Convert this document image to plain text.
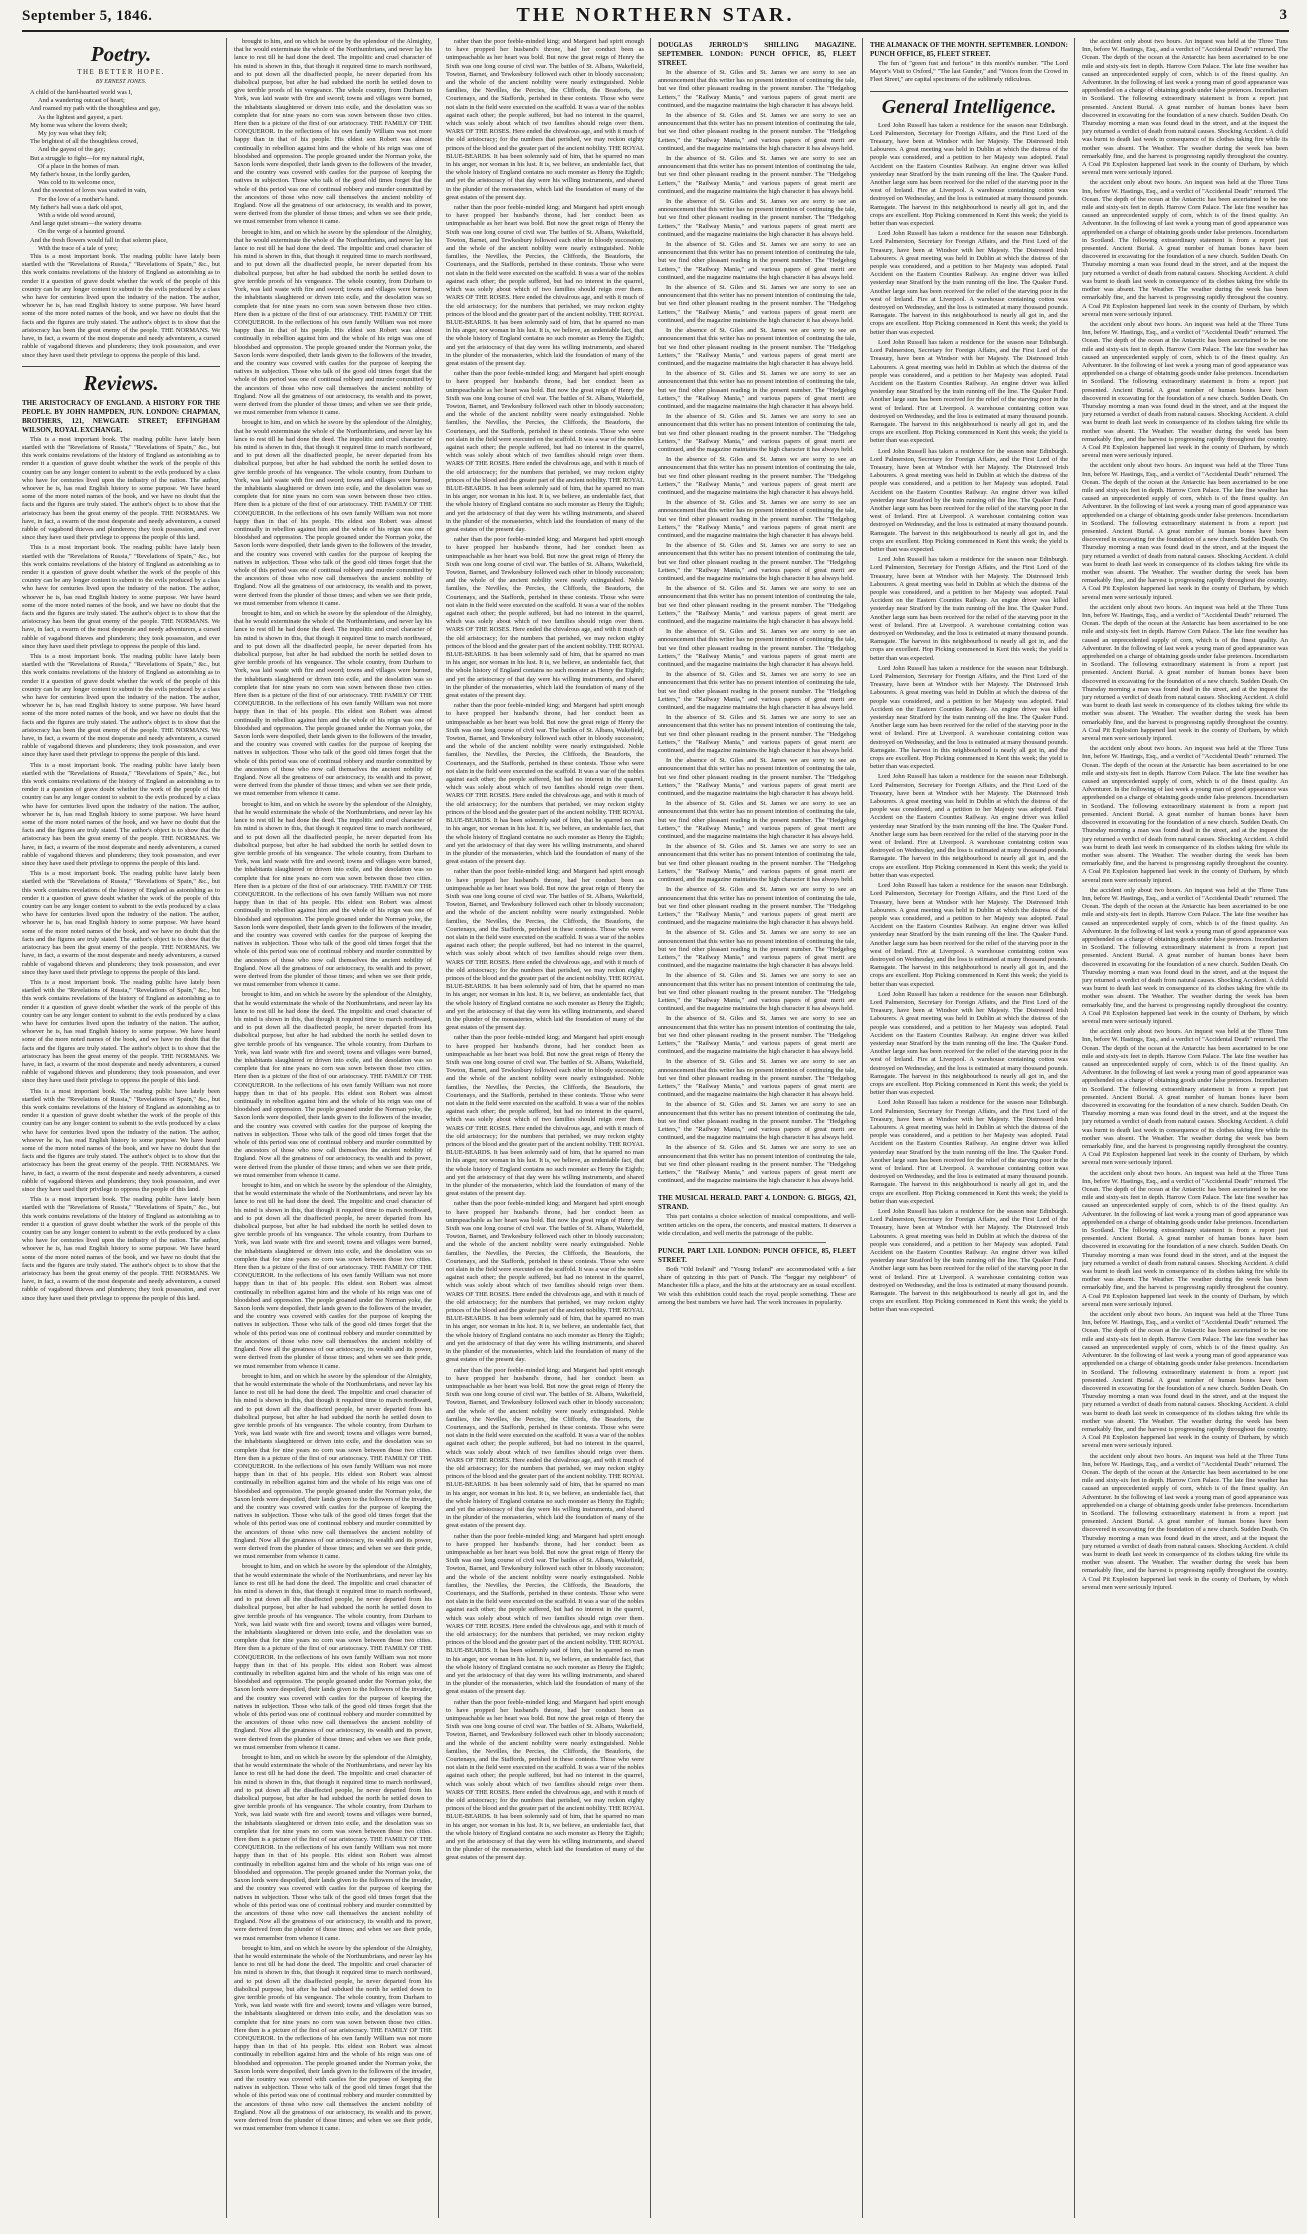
September 5, 1846.	THE NORTHERN STAR.	3
Poetry.
THE BETTER HOPE.
BY ERNEST JONES.
A child of the hard-hearted world was I,
And a wandering outcast of heart;
And roamed my path with the thoughtless and gay,
As the lightest and gayest, a part.
My home was where the lovers dwelt;
My joy was what they felt;
The brightest of all the thoughtless crowd,
And the gayest of the gay;
But a struggle to fight—for my natural right,
Of a place in the homes of man.
My father's house, in the lordly garden,
Was cold to its welcome once,
And the sweetest of loves was waited in vain,
For the love of a mother's hand.
My father's hall was a dark old spot,
With a wide old wood around,
And large quiet stream—the watery dreams
On the verge of a haunted ground.
And the fresh flowers would fall in that solemn place,
With the trace of a tale of yore;

This is a most important book. The reading public have lately been startled with the "Revelations of Russia," "Revelations of Spain," &c., but this work contains revelations of the history of England as astonishing as to render it a question of grave doubt whether the work of the people of this country can be any longer content to submit to the evils produced by a class who have for centuries lived upon the industry of the nation. The author, whoever he is, has read English history to some purpose. We have heard some of the more noted names of the book, and we have no doubt that the facts and the figures are truly stated. The author's object is to show that the aristocracy has been the great enemy of the people. THE NORMANS. We have, in fact, a swarm of the most desperate and needy adventurers, a cursed rabble of vagabond thieves and plunderers; they took possession, and ever since they have used their privilege to oppress the people of this land.

Reviews.
THE ARISTOCRACY OF ENGLAND. A HISTORY FOR THE PEOPLE. BY JOHN HAMPDEN, JUN. LONDON: CHAPMAN, BROTHERS, 121, NEWGATE STREET; EFFINGHAM WILSON, ROYAL EXCHANGE.

This is a most important book. The reading public have lately been startled with the "Revelations of Russia," "Revelations of Spain," &c., but this work contains revelations of the history of England as astonishing as to render it a question of grave doubt whether the work of the people of this country can be any longer content to submit to the evils produced by a class who have for centuries lived upon the industry of the nation. The author, whoever he is, has read English history to some purpose. We have heard some of the more noted names of the book, and we have no doubt that the facts and the figures are truly stated. The author's object is to show that the aristocracy has been the great enemy of the people. THE NORMANS. We have, in fact, a swarm of the most desperate and needy adventurers, a cursed rabble of vagabond thieves and plunderers; they took possession, and ever since they have used their privilege to oppress the people of this land.

This is a most important book. The reading public have lately been startled with the "Revelations of Russia," "Revelations of Spain," &c., but this work contains revelations of the history of England as astonishing as to render it a question of grave doubt whether the work of the people of this country can be any longer content to submit to the evils produced by a class who have for centuries lived upon the industry of the nation. The author, whoever he is, has read English history to some purpose. We have heard some of the more noted names of the book, and we have no doubt that the facts and the figures are truly stated. The author's object is to show that the aristocracy has been the great enemy of the people. THE NORMANS. We have, in fact, a swarm of the most desperate and needy adventurers, a cursed rabble of vagabond thieves and plunderers; they took possession, and ever since they have used their privilege to oppress the people of this land.

This is a most important book. The reading public have lately been startled with the "Revelations of Russia," "Revelations of Spain," &c., but this work contains revelations of the history of England as astonishing as to render it a question of grave doubt whether the work of the people of this country can be any longer content to submit to the evils produced by a class who have for centuries lived upon the industry of the nation. The author, whoever he is, has read English history to some purpose. We have heard some of the more noted names of the book, and we have no doubt that the facts and the figures are truly stated. The author's object is to show that the aristocracy has been the great enemy of the people. THE NORMANS. We have, in fact, a swarm of the most desperate and needy adventurers, a cursed rabble of vagabond thieves and plunderers; they took possession, and ever since they have used their privilege to oppress the people of this land.

This is a most important book. The reading public have lately been startled with the "Revelations of Russia," "Revelations of Spain," &c., but this work contains revelations of the history of England as astonishing as to render it a question of grave doubt whether the work of the people of this country can be any longer content to submit to the evils produced by a class who have for centuries lived upon the industry of the nation. The author, whoever he is, has read English history to some purpose. We have heard some of the more noted names of the book, and we have no doubt that the facts and the figures are truly stated. The author's object is to show that the aristocracy has been the great enemy of the people. THE NORMANS. We have, in fact, a swarm of the most desperate and needy adventurers, a cursed rabble of vagabond thieves and plunderers; they took possession, and ever since they have used their privilege to oppress the people of this land.

This is a most important book. The reading public have lately been startled with the "Revelations of Russia," "Revelations of Spain," &c., but this work contains revelations of the history of England as astonishing as to render it a question of grave doubt whether the work of the people of this country can be any longer content to submit to the evils produced by a class who have for centuries lived upon the industry of the nation. The author, whoever he is, has read English history to some purpose. We have heard some of the more noted names of the book, and we have no doubt that the facts and the figures are truly stated. The author's object is to show that the aristocracy has been the great enemy of the people. THE NORMANS. We have, in fact, a swarm of the most desperate and needy adventurers, a cursed rabble of vagabond thieves and plunderers; they took possession, and ever since they have used their privilege to oppress the people of this land.

This is a most important book. The reading public have lately been startled with the "Revelations of Russia," "Revelations of Spain," &c., but this work contains revelations of the history of England as astonishing as to render it a question of grave doubt whether the work of the people of this country can be any longer content to submit to the evils produced by a class who have for centuries lived upon the industry of the nation. The author, whoever he is, has read English history to some purpose. We have heard some of the more noted names of the book, and we have no doubt that the facts and the figures are truly stated. The author's object is to show that the aristocracy has been the great enemy of the people. THE NORMANS. We have, in fact, a swarm of the most desperate and needy adventurers, a cursed rabble of vagabond thieves and plunderers; they took possession, and ever since they have used their privilege to oppress the people of this land.

This is a most important book. The reading public have lately been startled with the "Revelations of Russia," "Revelations of Spain," &c., but this work contains revelations of the history of England as astonishing as to render it a question of grave doubt whether the work of the people of this country can be any longer content to submit to the evils produced by a class who have for centuries lived upon the industry of the nation. The author, whoever he is, has read English history to some purpose. We have heard some of the more noted names of the book, and we have no doubt that the facts and the figures are truly stated. The author's object is to show that the aristocracy has been the great enemy of the people. THE NORMANS. We have, in fact, a swarm of the most desperate and needy adventurers, a cursed rabble of vagabond thieves and plunderers; they took possession, and ever since they have used their privilege to oppress the people of this land.

This is a most important book. The reading public have lately been startled with the "Revelations of Russia," "Revelations of Spain," &c., but this work contains revelations of the history of England as astonishing as to render it a question of grave doubt whether the work of the people of this country can be any longer content to submit to the evils produced by a class who have for centuries lived upon the industry of the nation. The author, whoever he is, has read English history to some purpose. We have heard some of the more noted names of the book, and we have no doubt that the facts and the figures are truly stated. The author's object is to show that the aristocracy has been the great enemy of the people. THE NORMANS. We have, in fact, a swarm of the most desperate and needy adventurers, a cursed rabble of vagabond thieves and plunderers; they took possession, and ever since they have used their privilege to oppress the people of this land.

brought to him, and on which he swore by the splendour of the Almighty, that he would exterminate the whole of the Northumbrians, and never lay his lance to rest till he had done the deed. The impolitic and cruel character of his mind is shown in this, that though it required time to march northward, and to put down all the disaffected people, he never departed from his diabolical purpose, but after he had subdued the north he settled down to give terrible proofs of his vengeance. The whole country, from Durham to York, was laid waste with fire and sword; towns and villages were burned, the inhabitants slaughtered or driven into exile, and the desolation was so complete that for nine years no corn was sown between those two cities. Here then is a picture of the first of our aristocracy. THE FAMILY OF THE CONQUEROR. In the reflections of his own family William was not more happy than in that of his people. His eldest son Robert was almost continually in rebellion against him and the whole of his reign was one of bloodshed and oppression. The people groaned under the Norman yoke, the Saxon lords were despoiled, their lands given to the followers of the invader, and the country was covered with castles for the purpose of keeping the natives in subjection. Those who talk of the good old times forget that the whole of this period was one of continual robbery and murder committed by the ancestors of those who now call themselves the ancient nobility of England. Now all the greatness of our aristocracy, its wealth and its power, were derived from the plunder of those times; and when we see their pride, we must remember from whence it came.

brought to him, and on which he swore by the splendour of the Almighty, that he would exterminate the whole of the Northumbrians, and never lay his lance to rest till he had done the deed. The impolitic and cruel character of his mind is shown in this, that though it required time to march northward, and to put down all the disaffected people, he never departed from his diabolical purpose, but after he had subdued the north he settled down to give terrible proofs of his vengeance. The whole country, from Durham to York, was laid waste with fire and sword; towns and villages were burned, the inhabitants slaughtered or driven into exile, and the desolation was so complete that for nine years no corn was sown between those two cities. Here then is a picture of the first of our aristocracy. THE FAMILY OF THE CONQUEROR. In the reflections of his own family William was not more happy than in that of his people. His eldest son Robert was almost continually in rebellion against him and the whole of his reign was one of bloodshed and oppression. The people groaned under the Norman yoke, the Saxon lords were despoiled, their lands given to the followers of the invader, and the country was covered with castles for the purpose of keeping the natives in subjection. Those who talk of the good old times forget that the whole of this period was one of continual robbery and murder committed by the ancestors of those who now call themselves the ancient nobility of England. Now all the greatness of our aristocracy, its wealth and its power, were derived from the plunder of those times; and when we see their pride, we must remember from whence it came.

brought to him, and on which he swore by the splendour of the Almighty, that he would exterminate the whole of the Northumbrians, and never lay his lance to rest till he had done the deed. The impolitic and cruel character of his mind is shown in this, that though it required time to march northward, and to put down all the disaffected people, he never departed from his diabolical purpose, but after he had subdued the north he settled down to give terrible proofs of his vengeance. The whole country, from Durham to York, was laid waste with fire and sword; towns and villages were burned, the inhabitants slaughtered or driven into exile, and the desolation was so complete that for nine years no corn was sown between those two cities. Here then is a picture of the first of our aristocracy. THE FAMILY OF THE CONQUEROR. In the reflections of his own family William was not more happy than in that of his people. His eldest son Robert was almost continually in rebellion against him and the whole of his reign was one of bloodshed and oppression. The people groaned under the Norman yoke, the Saxon lords were despoiled, their lands given to the followers of the invader, and the country was covered with castles for the purpose of keeping the natives in subjection. Those who talk of the good old times forget that the whole of this period was one of continual robbery and murder committed by the ancestors of those who now call themselves the ancient nobility of England. Now all the greatness of our aristocracy, its wealth and its power, were derived from the plunder of those times; and when we see their pride, we must remember from whence it came.

brought to him, and on which he swore by the splendour of the Almighty, that he would exterminate the whole of the Northumbrians, and never lay his lance to rest till he had done the deed. The impolitic and cruel character of his mind is shown in this, that though it required time to march northward, and to put down all the disaffected people, he never departed from his diabolical purpose, but after he had subdued the north he settled down to give terrible proofs of his vengeance. The whole country, from Durham to York, was laid waste with fire and sword; towns and villages were burned, the inhabitants slaughtered or driven into exile, and the desolation was so complete that for nine years no corn was sown between those two cities. Here then is a picture of the first of our aristocracy. THE FAMILY OF THE CONQUEROR. In the reflections of his own family William was not more happy than in that of his people. His eldest son Robert was almost continually in rebellion against him and the whole of his reign was one of bloodshed and oppression. The people groaned under the Norman yoke, the Saxon lords were despoiled, their lands given to the followers of the invader, and the country was covered with castles for the purpose of keeping the natives in subjection. Those who talk of the good old times forget that the whole of this period was one of continual robbery and murder committed by the ancestors of those who now call themselves the ancient nobility of England. Now all the greatness of our aristocracy, its wealth and its power, were derived from the plunder of those times; and when we see their pride, we must remember from whence it came.

brought to him, and on which he swore by the splendour of the Almighty, that he would exterminate the whole of the Northumbrians, and never lay his lance to rest till he had done the deed. The impolitic and cruel character of his mind is shown in this, that though it required time to march northward, and to put down all the disaffected people, he never departed from his diabolical purpose, but after he had subdued the north he settled down to give terrible proofs of his vengeance. The whole country, from Durham to York, was laid waste with fire and sword; towns and villages were burned, the inhabitants slaughtered or driven into exile, and the desolation was so complete that for nine years no corn was sown between those two cities. Here then is a picture of the first of our aristocracy. THE FAMILY OF THE CONQUEROR. In the reflections of his own family William was not more happy than in that of his people. His eldest son Robert was almost continually in rebellion against him and the whole of his reign was one of bloodshed and oppression. The people groaned under the Norman yoke, the Saxon lords were despoiled, their lands given to the followers of the invader, and the country was covered with castles for the purpose of keeping the natives in subjection. Those who talk of the good old times forget that the whole of this period was one of continual robbery and murder committed by the ancestors of those who now call themselves the ancient nobility of England. Now all the greatness of our aristocracy, its wealth and its power, were derived from the plunder of those times; and when we see their pride, we must remember from whence it came.

brought to him, and on which he swore by the splendour of the Almighty, that he would exterminate the whole of the Northumbrians, and never lay his lance to rest till he had done the deed. The impolitic and cruel character of his mind is shown in this, that though it required time to march northward, and to put down all the disaffected people, he never departed from his diabolical purpose, but after he had subdued the north he settled down to give terrible proofs of his vengeance. The whole country, from Durham to York, was laid waste with fire and sword; towns and villages were burned, the inhabitants slaughtered or driven into exile, and the desolation was so complete that for nine years no corn was sown between those two cities. Here then is a picture of the first of our aristocracy. THE FAMILY OF THE CONQUEROR. In the reflections of his own family William was not more happy than in that of his people. His eldest son Robert was almost continually in rebellion against him and the whole of his reign was one of bloodshed and oppression. The people groaned under the Norman yoke, the Saxon lords were despoiled, their lands given to the followers of the invader, and the country was covered with castles for the purpose of keeping the natives in subjection. Those who talk of the good old times forget that the whole of this period was one of continual robbery and murder committed by the ancestors of those who now call themselves the ancient nobility of England. Now all the greatness of our aristocracy, its wealth and its power, were derived from the plunder of those times; and when we see their pride, we must remember from whence it came.

brought to him, and on which he swore by the splendour of the Almighty, that he would exterminate the whole of the Northumbrians, and never lay his lance to rest till he had done the deed. The impolitic and cruel character of his mind is shown in this, that though it required time to march northward, and to put down all the disaffected people, he never departed from his diabolical purpose, but after he had subdued the north he settled down to give terrible proofs of his vengeance. The whole country, from Durham to York, was laid waste with fire and sword; towns and villages were burned, the inhabitants slaughtered or driven into exile, and the desolation was so complete that for nine years no corn was sown between those two cities. Here then is a picture of the first of our aristocracy. THE FAMILY OF THE CONQUEROR. In the reflections of his own family William was not more happy than in that of his people. His eldest son Robert was almost continually in rebellion against him and the whole of his reign was one of bloodshed and oppression. The people groaned under the Norman yoke, the Saxon lords were despoiled, their lands given to the followers of the invader, and the country was covered with castles for the purpose of keeping the natives in subjection. Those who talk of the good old times forget that the whole of this period was one of continual robbery and murder committed by the ancestors of those who now call themselves the ancient nobility of England. Now all the greatness of our aristocracy, its wealth and its power, were derived from the plunder of those times; and when we see their pride, we must remember from whence it came.

brought to him, and on which he swore by the splendour of the Almighty, that he would exterminate the whole of the Northumbrians, and never lay his lance to rest till he had done the deed. The impolitic and cruel character of his mind is shown in this, that though it required time to march northward, and to put down all the disaffected people, he never departed from his diabolical purpose, but after he had subdued the north he settled down to give terrible proofs of his vengeance. The whole country, from Durham to York, was laid waste with fire and sword; towns and villages were burned, the inhabitants slaughtered or driven into exile, and the desolation was so complete that for nine years no corn was sown between those two cities. Here then is a picture of the first of our aristocracy. THE FAMILY OF THE CONQUEROR. In the reflections of his own family William was not more happy than in that of his people. His eldest son Robert was almost continually in rebellion against him and the whole of his reign was one of bloodshed and oppression. The people groaned under the Norman yoke, the Saxon lords were despoiled, their lands given to the followers of the invader, and the country was covered with castles for the purpose of keeping the natives in subjection. Those who talk of the good old times forget that the whole of this period was one of continual robbery and murder committed by the ancestors of those who now call themselves the ancient nobility of England. Now all the greatness of our aristocracy, its wealth and its power, were derived from the plunder of those times; and when we see their pride, we must remember from whence it came.

brought to him, and on which he swore by the splendour of the Almighty, that he would exterminate the whole of the Northumbrians, and never lay his lance to rest till he had done the deed. The impolitic and cruel character of his mind is shown in this, that though it required time to march northward, and to put down all the disaffected people, he never departed from his diabolical purpose, but after he had subdued the north he settled down to give terrible proofs of his vengeance. The whole country, from Durham to York, was laid waste with fire and sword; towns and villages were burned, the inhabitants slaughtered or driven into exile, and the desolation was so complete that for nine years no corn was sown between those two cities. Here then is a picture of the first of our aristocracy. THE FAMILY OF THE CONQUEROR. In the reflections of his own family William was not more happy than in that of his people. His eldest son Robert was almost continually in rebellion against him and the whole of his reign was one of bloodshed and oppression. The people groaned under the Norman yoke, the Saxon lords were despoiled, their lands given to the followers of the invader, and the country was covered with castles for the purpose of keeping the natives in subjection. Those who talk of the good old times forget that the whole of this period was one of continual robbery and murder committed by the ancestors of those who now call themselves the ancient nobility of England. Now all the greatness of our aristocracy, its wealth and its power, were derived from the plunder of those times; and when we see their pride, we must remember from whence it came.

brought to him, and on which he swore by the splendour of the Almighty, that he would exterminate the whole of the Northumbrians, and never lay his lance to rest till he had done the deed. The impolitic and cruel character of his mind is shown in this, that though it required time to march northward, and to put down all the disaffected people, he never departed from his diabolical purpose, but after he had subdued the north he settled down to give terrible proofs of his vengeance. The whole country, from Durham to York, was laid waste with fire and sword; towns and villages were burned, the inhabitants slaughtered or driven into exile, and the desolation was so complete that for nine years no corn was sown between those two cities. Here then is a picture of the first of our aristocracy. THE FAMILY OF THE CONQUEROR. In the reflections of his own family William was not more happy than in that of his people. His eldest son Robert was almost continually in rebellion against him and the whole of his reign was one of bloodshed and oppression. The people groaned under the Norman yoke, the Saxon lords were despoiled, their lands given to the followers of the invader, and the country was covered with castles for the purpose of keeping the natives in subjection. Those who talk of the good old times forget that the whole of this period was one of continual robbery and murder committed by the ancestors of those who now call themselves the ancient nobility of England. Now all the greatness of our aristocracy, its wealth and its power, were derived from the plunder of those times; and when we see their pride, we must remember from whence it came.

brought to him, and on which he swore by the splendour of the Almighty, that he would exterminate the whole of the Northumbrians, and never lay his lance to rest till he had done the deed. The impolitic and cruel character of his mind is shown in this, that though it required time to march northward, and to put down all the disaffected people, he never departed from his diabolical purpose, but after he had subdued the north he settled down to give terrible proofs of his vengeance. The whole country, from Durham to York, was laid waste with fire and sword; towns and villages were burned, the inhabitants slaughtered or driven into exile, and the desolation was so complete that for nine years no corn was sown between those two cities. Here then is a picture of the first of our aristocracy. THE FAMILY OF THE CONQUEROR. In the reflections of his own family William was not more happy than in that of his people. His eldest son Robert was almost continually in rebellion against him and the whole of his reign was one of bloodshed and oppression. The people groaned under the Norman yoke, the Saxon lords were despoiled, their lands given to the followers of the invader, and the country was covered with castles for the purpose of keeping the natives in subjection. Those who talk of the good old times forget that the whole of this period was one of continual robbery and murder committed by the ancestors of those who now call themselves the ancient nobility of England. Now all the greatness of our aristocracy, its wealth and its power, were derived from the plunder of those times; and when we see their pride, we must remember from whence it came.

rather than the poor feeble-minded king; and Margaret had spirit enough to have propped her husband's throne, had her conduct been as unimpeachable as her heart was bold. But now the great reign of Henry the Sixth was one long course of civil war. The battles of St. Albans, Wakefield, Towton, Barnet, and Tewkesbury followed each other in bloody succession; and the whole of the ancient nobility were nearly extinguished. Noble families, the Nevilles, the Percies, the Cliffords, the Beauforts, the Courtenays, and the Staffords, perished in these contests. Those who were not slain in the field were executed on the scaffold. It was a war of the nobles against each other; the people suffered, but had no interest in the quarrel, which was solely about which of two families should reign over them. WARS OF THE ROSES. Here ended the chivalrous age, and with it much of the old aristocracy; for the numbers that perished, we may reckon eighty princes of the blood and the greater part of the ancient nobility. THE ROYAL BLUE-BEARDS. It has been solemnly said of him, that he sparred no man in his anger, nor woman in his lust. It is, we believe, an undeniable fact, that the whole history of England contains no such monster as Henry the Eighth; and yet the aristocracy of that day were his willing instruments, and shared in the plunder of the monasteries, which laid the foundation of many of the great estates of the present day.

rather than the poor feeble-minded king; and Margaret had spirit enough to have propped her husband's throne, had her conduct been as unimpeachable as her heart was bold. But now the great reign of Henry the Sixth was one long course of civil war. The battles of St. Albans, Wakefield, Towton, Barnet, and Tewkesbury followed each other in bloody succession; and the whole of the ancient nobility were nearly extinguished. Noble families, the Nevilles, the Percies, the Cliffords, the Beauforts, the Courtenays, and the Staffords, perished in these contests. Those who were not slain in the field were executed on the scaffold. It was a war of the nobles against each other; the people suffered, but had no interest in the quarrel, which was solely about which of two families should reign over them. WARS OF THE ROSES. Here ended the chivalrous age, and with it much of the old aristocracy; for the numbers that perished, we may reckon eighty princes of the blood and the greater part of the ancient nobility. THE ROYAL BLUE-BEARDS. It has been solemnly said of him, that he sparred no man in his anger, nor woman in his lust. It is, we believe, an undeniable fact, that the whole history of England contains no such monster as Henry the Eighth; and yet the aristocracy of that day were his willing instruments, and shared in the plunder of the monasteries, which laid the foundation of many of the great estates of the present day.

rather than the poor feeble-minded king; and Margaret had spirit enough to have propped her husband's throne, had her conduct been as unimpeachable as her heart was bold. But now the great reign of Henry the Sixth was one long course of civil war. The battles of St. Albans, Wakefield, Towton, Barnet, and Tewkesbury followed each other in bloody succession; and the whole of the ancient nobility were nearly extinguished. Noble families, the Nevilles, the Percies, the Cliffords, the Beauforts, the Courtenays, and the Staffords, perished in these contests. Those who were not slain in the field were executed on the scaffold. It was a war of the nobles against each other; the people suffered, but had no interest in the quarrel, which was solely about which of two families should reign over them. WARS OF THE ROSES. Here ended the chivalrous age, and with it much of the old aristocracy; for the numbers that perished, we may reckon eighty princes of the blood and the greater part of the ancient nobility. THE ROYAL BLUE-BEARDS. It has been solemnly said of him, that he sparred no man in his anger, nor woman in his lust. It is, we believe, an undeniable fact, that the whole history of England contains no such monster as Henry the Eighth; and yet the aristocracy of that day were his willing instruments, and shared in the plunder of the monasteries, which laid the foundation of many of the great estates of the present day.

rather than the poor feeble-minded king; and Margaret had spirit enough to have propped her husband's throne, had her conduct been as unimpeachable as her heart was bold. But now the great reign of Henry the Sixth was one long course of civil war. The battles of St. Albans, Wakefield, Towton, Barnet, and Tewkesbury followed each other in bloody succession; and the whole of the ancient nobility were nearly extinguished. Noble families, the Nevilles, the Percies, the Cliffords, the Beauforts, the Courtenays, and the Staffords, perished in these contests. Those who were not slain in the field were executed on the scaffold. It was a war of the nobles against each other; the people suffered, but had no interest in the quarrel, which was solely about which of two families should reign over them. WARS OF THE ROSES. Here ended the chivalrous age, and with it much of the old aristocracy; for the numbers that perished, we may reckon eighty princes of the blood and the greater part of the ancient nobility. THE ROYAL BLUE-BEARDS. It has been solemnly said of him, that he sparred no man in his anger, nor woman in his lust. It is, we believe, an undeniable fact, that the whole history of England contains no such monster as Henry the Eighth; and yet the aristocracy of that day were his willing instruments, and shared in the plunder of the monasteries, which laid the foundation of many of the great estates of the present day.

rather than the poor feeble-minded king; and Margaret had spirit enough to have propped her husband's throne, had her conduct been as unimpeachable as her heart was bold. But now the great reign of Henry the Sixth was one long course of civil war. The battles of St. Albans, Wakefield, Towton, Barnet, and Tewkesbury followed each other in bloody succession; and the whole of the ancient nobility were nearly extinguished. Noble families, the Nevilles, the Percies, the Cliffords, the Beauforts, the Courtenays, and the Staffords, perished in these contests. Those who were not slain in the field were executed on the scaffold. It was a war of the nobles against each other; the people suffered, but had no interest in the quarrel, which was solely about which of two families should reign over them. WARS OF THE ROSES. Here ended the chivalrous age, and with it much of the old aristocracy; for the numbers that perished, we may reckon eighty princes of the blood and the greater part of the ancient nobility. THE ROYAL BLUE-BEARDS. It has been solemnly said of him, that he sparred no man in his anger, nor woman in his lust. It is, we believe, an undeniable fact, that the whole history of England contains no such monster as Henry the Eighth; and yet the aristocracy of that day were his willing instruments, and shared in the plunder of the monasteries, which laid the foundation of many of the great estates of the present day.

rather than the poor feeble-minded king; and Margaret had spirit enough to have propped her husband's throne, had her conduct been as unimpeachable as her heart was bold. But now the great reign of Henry the Sixth was one long course of civil war. The battles of St. Albans, Wakefield, Towton, Barnet, and Tewkesbury followed each other in bloody succession; and the whole of the ancient nobility were nearly extinguished. Noble families, the Nevilles, the Percies, the Cliffords, the Beauforts, the Courtenays, and the Staffords, perished in these contests. Those who were not slain in the field were executed on the scaffold. It was a war of the nobles against each other; the people suffered, but had no interest in the quarrel, which was solely about which of two families should reign over them. WARS OF THE ROSES. Here ended the chivalrous age, and with it much of the old aristocracy; for the numbers that perished, we may reckon eighty princes of the blood and the greater part of the ancient nobility. THE ROYAL BLUE-BEARDS. It has been solemnly said of him, that he sparred no man in his anger, nor woman in his lust. It is, we believe, an undeniable fact, that the whole history of England contains no such monster as Henry the Eighth; and yet the aristocracy of that day were his willing instruments, and shared in the plunder of the monasteries, which laid the foundation of many of the great estates of the present day.

rather than the poor feeble-minded king; and Margaret had spirit enough to have propped her husband's throne, had her conduct been as unimpeachable as her heart was bold. But now the great reign of Henry the Sixth was one long course of civil war. The battles of St. Albans, Wakefield, Towton, Barnet, and Tewkesbury followed each other in bloody succession; and the whole of the ancient nobility were nearly extinguished. Noble families, the Nevilles, the Percies, the Cliffords, the Beauforts, the Courtenays, and the Staffords, perished in these contests. Those who were not slain in the field were executed on the scaffold. It was a war of the nobles against each other; the people suffered, but had no interest in the quarrel, which was solely about which of two families should reign over them. WARS OF THE ROSES. Here ended the chivalrous age, and with it much of the old aristocracy; for the numbers that perished, we may reckon eighty princes of the blood and the greater part of the ancient nobility. THE ROYAL BLUE-BEARDS. It has been solemnly said of him, that he sparred no man in his anger, nor woman in his lust. It is, we believe, an undeniable fact, that the whole history of England contains no such monster as Henry the Eighth; and yet the aristocracy of that day were his willing instruments, and shared in the plunder of the monasteries, which laid the foundation of many of the great estates of the present day.

rather than the poor feeble-minded king; and Margaret had spirit enough to have propped her husband's throne, had her conduct been as unimpeachable as her heart was bold. But now the great reign of Henry the Sixth was one long course of civil war. The battles of St. Albans, Wakefield, Towton, Barnet, and Tewkesbury followed each other in bloody succession; and the whole of the ancient nobility were nearly extinguished. Noble families, the Nevilles, the Percies, the Cliffords, the Beauforts, the Courtenays, and the Staffords, perished in these contests. Those who were not slain in the field were executed on the scaffold. It was a war of the nobles against each other; the people suffered, but had no interest in the quarrel, which was solely about which of two families should reign over them. WARS OF THE ROSES. Here ended the chivalrous age, and with it much of the old aristocracy; for the numbers that perished, we may reckon eighty princes of the blood and the greater part of the ancient nobility. THE ROYAL BLUE-BEARDS. It has been solemnly said of him, that he sparred no man in his anger, nor woman in his lust. It is, we believe, an undeniable fact, that the whole history of England contains no such monster as Henry the Eighth; and yet the aristocracy of that day were his willing instruments, and shared in the plunder of the monasteries, which laid the foundation of many of the great estates of the present day.

rather than the poor feeble-minded king; and Margaret had spirit enough to have propped her husband's throne, had her conduct been as unimpeachable as her heart was bold. But now the great reign of Henry the Sixth was one long course of civil war. The battles of St. Albans, Wakefield, Towton, Barnet, and Tewkesbury followed each other in bloody succession; and the whole of the ancient nobility were nearly extinguished. Noble families, the Nevilles, the Percies, the Cliffords, the Beauforts, the Courtenays, and the Staffords, perished in these contests. Those who were not slain in the field were executed on the scaffold. It was a war of the nobles against each other; the people suffered, but had no interest in the quarrel, which was solely about which of two families should reign over them. WARS OF THE ROSES. Here ended the chivalrous age, and with it much of the old aristocracy; for the numbers that perished, we may reckon eighty princes of the blood and the greater part of the ancient nobility. THE ROYAL BLUE-BEARDS. It has been solemnly said of him, that he sparred no man in his anger, nor woman in his lust. It is, we believe, an undeniable fact, that the whole history of England contains no such monster as Henry the Eighth; and yet the aristocracy of that day were his willing instruments, and shared in the plunder of the monasteries, which laid the foundation of many of the great estates of the present day.

rather than the poor feeble-minded king; and Margaret had spirit enough to have propped her husband's throne, had her conduct been as unimpeachable as her heart was bold. But now the great reign of Henry the Sixth was one long course of civil war. The battles of St. Albans, Wakefield, Towton, Barnet, and Tewkesbury followed each other in bloody succession; and the whole of the ancient nobility were nearly extinguished. Noble families, the Nevilles, the Percies, the Cliffords, the Beauforts, the Courtenays, and the Staffords, perished in these contests. Those who were not slain in the field were executed on the scaffold. It was a war of the nobles against each other; the people suffered, but had no interest in the quarrel, which was solely about which of two families should reign over them. WARS OF THE ROSES. Here ended the chivalrous age, and with it much of the old aristocracy; for the numbers that perished, we may reckon eighty princes of the blood and the greater part of the ancient nobility. THE ROYAL BLUE-BEARDS. It has been solemnly said of him, that he sparred no man in his anger, nor woman in his lust. It is, we believe, an undeniable fact, that the whole history of England contains no such monster as Henry the Eighth; and yet the aristocracy of that day were his willing instruments, and shared in the plunder of the monasteries, which laid the foundation of many of the great estates of the present day.

rather than the poor feeble-minded king; and Margaret had spirit enough to have propped her husband's throne, had her conduct been as unimpeachable as her heart was bold. But now the great reign of Henry the Sixth was one long course of civil war. The battles of St. Albans, Wakefield, Towton, Barnet, and Tewkesbury followed each other in bloody succession; and the whole of the ancient nobility were nearly extinguished. Noble families, the Nevilles, the Percies, the Cliffords, the Beauforts, the Courtenays, and the Staffords, perished in these contests. Those who were not slain in the field were executed on the scaffold. It was a war of the nobles against each other; the people suffered, but had no interest in the quarrel, which was solely about which of two families should reign over them. WARS OF THE ROSES. Here ended the chivalrous age, and with it much of the old aristocracy; for the numbers that perished, we may reckon eighty princes of the blood and the greater part of the ancient nobility. THE ROYAL BLUE-BEARDS. It has been solemnly said of him, that he sparred no man in his anger, nor woman in his lust. It is, we believe, an undeniable fact, that the whole history of England contains no such monster as Henry the Eighth; and yet the aristocracy of that day were his willing instruments, and shared in the plunder of the monasteries, which laid the foundation of many of the great estates of the present day.

DOUGLAS JERROLD'S SHILLING MAGAZINE. SEPTEMBER. LONDON: PUNCH OFFICE, 85, FLEET STREET.

In the absence of St. Giles and St. James we are sorry to see an announcement that this writer has no present intention of continuing the tale, but we find other pleasant reading in the present number. The "Hedgehog Letters," the "Railway Mania," and various papers of great merit are continued, and the magazine maintains the high character it has always held.

In the absence of St. Giles and St. James we are sorry to see an announcement that this writer has no present intention of continuing the tale, but we find other pleasant reading in the present number. The "Hedgehog Letters," the "Railway Mania," and various papers of great merit are continued, and the magazine maintains the high character it has always held.

In the absence of St. Giles and St. James we are sorry to see an announcement that this writer has no present intention of continuing the tale, but we find other pleasant reading in the present number. The "Hedgehog Letters," the "Railway Mania," and various papers of great merit are continued, and the magazine maintains the high character it has always held.

In the absence of St. Giles and St. James we are sorry to see an announcement that this writer has no present intention of continuing the tale, but we find other pleasant reading in the present number. The "Hedgehog Letters," the "Railway Mania," and various papers of great merit are continued, and the magazine maintains the high character it has always held.

In the absence of St. Giles and St. James we are sorry to see an announcement that this writer has no present intention of continuing the tale, but we find other pleasant reading in the present number. The "Hedgehog Letters," the "Railway Mania," and various papers of great merit are continued, and the magazine maintains the high character it has always held.

In the absence of St. Giles and St. James we are sorry to see an announcement that this writer has no present intention of continuing the tale, but we find other pleasant reading in the present number. The "Hedgehog Letters," the "Railway Mania," and various papers of great merit are continued, and the magazine maintains the high character it has always held.

In the absence of St. Giles and St. James we are sorry to see an announcement that this writer has no present intention of continuing the tale, but we find other pleasant reading in the present number. The "Hedgehog Letters," the "Railway Mania," and various papers of great merit are continued, and the magazine maintains the high character it has always held.

In the absence of St. Giles and St. James we are sorry to see an announcement that this writer has no present intention of continuing the tale, but we find other pleasant reading in the present number. The "Hedgehog Letters," the "Railway Mania," and various papers of great merit are continued, and the magazine maintains the high character it has always held.

In the absence of St. Giles and St. James we are sorry to see an announcement that this writer has no present intention of continuing the tale, but we find other pleasant reading in the present number. The "Hedgehog Letters," the "Railway Mania," and various papers of great merit are continued, and the magazine maintains the high character it has always held.

In the absence of St. Giles and St. James we are sorry to see an announcement that this writer has no present intention of continuing the tale, but we find other pleasant reading in the present number. The "Hedgehog Letters," the "Railway Mania," and various papers of great merit are continued, and the magazine maintains the high character it has always held.

In the absence of St. Giles and St. James we are sorry to see an announcement that this writer has no present intention of continuing the tale, but we find other pleasant reading in the present number. The "Hedgehog Letters," the "Railway Mania," and various papers of great merit are continued, and the magazine maintains the high character it has always held.

In the absence of St. Giles and St. James we are sorry to see an announcement that this writer has no present intention of continuing the tale, but we find other pleasant reading in the present number. The "Hedgehog Letters," the "Railway Mania," and various papers of great merit are continued, and the magazine maintains the high character it has always held.

In the absence of St. Giles and St. James we are sorry to see an announcement that this writer has no present intention of continuing the tale, but we find other pleasant reading in the present number. The "Hedgehog Letters," the "Railway Mania," and various papers of great merit are continued, and the magazine maintains the high character it has always held.

In the absence of St. Giles and St. James we are sorry to see an announcement that this writer has no present intention of continuing the tale, but we find other pleasant reading in the present number. The "Hedgehog Letters," the "Railway Mania," and various papers of great merit are continued, and the magazine maintains the high character it has always held.

In the absence of St. Giles and St. James we are sorry to see an announcement that this writer has no present intention of continuing the tale, but we find other pleasant reading in the present number. The "Hedgehog Letters," the "Railway Mania," and various papers of great merit are continued, and the magazine maintains the high character it has always held.

In the absence of St. Giles and St. James we are sorry to see an announcement that this writer has no present intention of continuing the tale, but we find other pleasant reading in the present number. The "Hedgehog Letters," the "Railway Mania," and various papers of great merit are continued, and the magazine maintains the high character it has always held.

In the absence of St. Giles and St. James we are sorry to see an announcement that this writer has no present intention of continuing the tale, but we find other pleasant reading in the present number. The "Hedgehog Letters," the "Railway Mania," and various papers of great merit are continued, and the magazine maintains the high character it has always held.

In the absence of St. Giles and St. James we are sorry to see an announcement that this writer has no present intention of continuing the tale, but we find other pleasant reading in the present number. The "Hedgehog Letters," the "Railway Mania," and various papers of great merit are continued, and the magazine maintains the high character it has always held.

In the absence of St. Giles and St. James we are sorry to see an announcement that this writer has no present intention of continuing the tale, but we find other pleasant reading in the present number. The "Hedgehog Letters," the "Railway Mania," and various papers of great merit are continued, and the magazine maintains the high character it has always held.

In the absence of St. Giles and St. James we are sorry to see an announcement that this writer has no present intention of continuing the tale, but we find other pleasant reading in the present number. The "Hedgehog Letters," the "Railway Mania," and various papers of great merit are continued, and the magazine maintains the high character it has always held.

In the absence of St. Giles and St. James we are sorry to see an announcement that this writer has no present intention of continuing the tale, but we find other pleasant reading in the present number. The "Hedgehog Letters," the "Railway Mania," and various papers of great merit are continued, and the magazine maintains the high character it has always held.

In the absence of St. Giles and St. James we are sorry to see an announcement that this writer has no present intention of continuing the tale, but we find other pleasant reading in the present number. The "Hedgehog Letters," the "Railway Mania," and various papers of great merit are continued, and the magazine maintains the high character it has always held.

In the absence of St. Giles and St. James we are sorry to see an announcement that this writer has no present intention of continuing the tale, but we find other pleasant reading in the present number. The "Hedgehog Letters," the "Railway Mania," and various papers of great merit are continued, and the magazine maintains the high character it has always held.

In the absence of St. Giles and St. James we are sorry to see an announcement that this writer has no present intention of continuing the tale, but we find other pleasant reading in the present number. The "Hedgehog Letters," the "Railway Mania," and various papers of great merit are continued, and the magazine maintains the high character it has always held.

In the absence of St. Giles and St. James we are sorry to see an announcement that this writer has no present intention of continuing the tale, but we find other pleasant reading in the present number. The "Hedgehog Letters," the "Railway Mania," and various papers of great merit are continued, and the magazine maintains the high character it has always held.

In the absence of St. Giles and St. James we are sorry to see an announcement that this writer has no present intention of continuing the tale, but we find other pleasant reading in the present number. The "Hedgehog Letters," the "Railway Mania," and various papers of great merit are continued, and the magazine maintains the high character it has always held.

THE MUSICAL HERALD. PART 4. LONDON: G. BIGGS, 421, STRAND.

This part contains a choice selection of musical compositions, and well-written articles on the opera, the concerts, and musical matters. It deserves a wide circulation, and well merits the patronage of the public.

PUNCH. PART LXII. LONDON: PUNCH OFFICE, 85, FLEET STREET.

Both "Old Ireland" and "Young Ireland" are accommodated with a fair share of quizzing in this part of Punch. The "beggar my neighbour" of Manchester fills a place, and the hits at the aristocracy are as usual excellent. We wish this exhibition could teach the royal people something. These are among the best numbers we have had. The work increases in popularity.

THE ALMANACK OF THE MONTH. SEPTEMBER. LONDON: PUNCH OFFICE, 85, FLEET STREET.

The fun of "green fust and furious" in this month's number. "The Lord Mayor's Visit to Oxford," "The last Gunder," and "Voices from the Crowd in Fleet Street," are capital specimens of the sublimely ridiculous.

General Intelligence.

Lord John Russell has taken a residence for the season near Edinburgh. Lord Palmerston, Secretary for Foreign Affairs, and the First Lord of the Treasury, have been at Windsor with her Majesty. The Distressed Irish Labourers. A great meeting was held in Dublin at which the distress of the people was considered, and a petition to her Majesty was adopted. Fatal Accident on the Eastern Counties Railway. An engine driver was killed yesterday near Stratford by the train running off the line. The Quaker Fund. Another large sum has been received for the relief of the starving poor in the west of Ireland. Fire at Liverpool. A warehouse containing cotton was destroyed on Wednesday, and the loss is estimated at many thousand pounds. Ramsgate. The harvest in this neighbourhood is nearly all got in, and the crops are excellent. Hop Picking commenced in Kent this week; the yield is better than was expected.

Lord John Russell has taken a residence for the season near Edinburgh. Lord Palmerston, Secretary for Foreign Affairs, and the First Lord of the Treasury, have been at Windsor with her Majesty. The Distressed Irish Labourers. A great meeting was held in Dublin at which the distress of the people was considered, and a petition to her Majesty was adopted. Fatal Accident on the Eastern Counties Railway. An engine driver was killed yesterday near Stratford by the train running off the line. The Quaker Fund. Another large sum has been received for the relief of the starving poor in the west of Ireland. Fire at Liverpool. A warehouse containing cotton was destroyed on Wednesday, and the loss is estimated at many thousand pounds. Ramsgate. The harvest in this neighbourhood is nearly all got in, and the crops are excellent. Hop Picking commenced in Kent this week; the yield is better than was expected.

Lord John Russell has taken a residence for the season near Edinburgh. Lord Palmerston, Secretary for Foreign Affairs, and the First Lord of the Treasury, have been at Windsor with her Majesty. The Distressed Irish Labourers. A great meeting was held in Dublin at which the distress of the people was considered, and a petition to her Majesty was adopted. Fatal Accident on the Eastern Counties Railway. An engine driver was killed yesterday near Stratford by the train running off the line. The Quaker Fund. Another large sum has been received for the relief of the starving poor in the west of Ireland. Fire at Liverpool. A warehouse containing cotton was destroyed on Wednesday, and the loss is estimated at many thousand pounds. Ramsgate. The harvest in this neighbourhood is nearly all got in, and the crops are excellent. Hop Picking commenced in Kent this week; the yield is better than was expected.

Lord John Russell has taken a residence for the season near Edinburgh. Lord Palmerston, Secretary for Foreign Affairs, and the First Lord of the Treasury, have been at Windsor with her Majesty. The Distressed Irish Labourers. A great meeting was held in Dublin at which the distress of the people was considered, and a petition to her Majesty was adopted. Fatal Accident on the Eastern Counties Railway. An engine driver was killed yesterday near Stratford by the train running off the line. The Quaker Fund. Another large sum has been received for the relief of the starving poor in the west of Ireland. Fire at Liverpool. A warehouse containing cotton was destroyed on Wednesday, and the loss is estimated at many thousand pounds. Ramsgate. The harvest in this neighbourhood is nearly all got in, and the crops are excellent. Hop Picking commenced in Kent this week; the yield is better than was expected.

Lord John Russell has taken a residence for the season near Edinburgh. Lord Palmerston, Secretary for Foreign Affairs, and the First Lord of the Treasury, have been at Windsor with her Majesty. The Distressed Irish Labourers. A great meeting was held in Dublin at which the distress of the people was considered, and a petition to her Majesty was adopted. Fatal Accident on the Eastern Counties Railway. An engine driver was killed yesterday near Stratford by the train running off the line. The Quaker Fund. Another large sum has been received for the relief of the starving poor in the west of Ireland. Fire at Liverpool. A warehouse containing cotton was destroyed on Wednesday, and the loss is estimated at many thousand pounds. Ramsgate. The harvest in this neighbourhood is nearly all got in, and the crops are excellent. Hop Picking commenced in Kent this week; the yield is better than was expected.

Lord John Russell has taken a residence for the season near Edinburgh. Lord Palmerston, Secretary for Foreign Affairs, and the First Lord of the Treasury, have been at Windsor with her Majesty. The Distressed Irish Labourers. A great meeting was held in Dublin at which the distress of the people was considered, and a petition to her Majesty was adopted. Fatal Accident on the Eastern Counties Railway. An engine driver was killed yesterday near Stratford by the train running off the line. The Quaker Fund. Another large sum has been received for the relief of the starving poor in the west of Ireland. Fire at Liverpool. A warehouse containing cotton was destroyed on Wednesday, and the loss is estimated at many thousand pounds. Ramsgate. The harvest in this neighbourhood is nearly all got in, and the crops are excellent. Hop Picking commenced in Kent this week; the yield is better than was expected.

Lord John Russell has taken a residence for the season near Edinburgh. Lord Palmerston, Secretary for Foreign Affairs, and the First Lord of the Treasury, have been at Windsor with her Majesty. The Distressed Irish Labourers. A great meeting was held in Dublin at which the distress of the people was considered, and a petition to her Majesty was adopted. Fatal Accident on the Eastern Counties Railway. An engine driver was killed yesterday near Stratford by the train running off the line. The Quaker Fund. Another large sum has been received for the relief of the starving poor in the west of Ireland. Fire at Liverpool. A warehouse containing cotton was destroyed on Wednesday, and the loss is estimated at many thousand pounds. Ramsgate. The harvest in this neighbourhood is nearly all got in, and the crops are excellent. Hop Picking commenced in Kent this week; the yield is better than was expected.

Lord John Russell has taken a residence for the season near Edinburgh. Lord Palmerston, Secretary for Foreign Affairs, and the First Lord of the Treasury, have been at Windsor with her Majesty. The Distressed Irish Labourers. A great meeting was held in Dublin at which the distress of the people was considered, and a petition to her Majesty was adopted. Fatal Accident on the Eastern Counties Railway. An engine driver was killed yesterday near Stratford by the train running off the line. The Quaker Fund. Another large sum has been received for the relief of the starving poor in the west of Ireland. Fire at Liverpool. A warehouse containing cotton was destroyed on Wednesday, and the loss is estimated at many thousand pounds. Ramsgate. The harvest in this neighbourhood is nearly all got in, and the crops are excellent. Hop Picking commenced in Kent this week; the yield is better than was expected.

Lord John Russell has taken a residence for the season near Edinburgh. Lord Palmerston, Secretary for Foreign Affairs, and the First Lord of the Treasury, have been at Windsor with her Majesty. The Distressed Irish Labourers. A great meeting was held in Dublin at which the distress of the people was considered, and a petition to her Majesty was adopted. Fatal Accident on the Eastern Counties Railway. An engine driver was killed yesterday near Stratford by the train running off the line. The Quaker Fund. Another large sum has been received for the relief of the starving poor in the west of Ireland. Fire at Liverpool. A warehouse containing cotton was destroyed on Wednesday, and the loss is estimated at many thousand pounds. Ramsgate. The harvest in this neighbourhood is nearly all got in, and the crops are excellent. Hop Picking commenced in Kent this week; the yield is better than was expected.

Lord John Russell has taken a residence for the season near Edinburgh. Lord Palmerston, Secretary for Foreign Affairs, and the First Lord of the Treasury, have been at Windsor with her Majesty. The Distressed Irish Labourers. A great meeting was held in Dublin at which the distress of the people was considered, and a petition to her Majesty was adopted. Fatal Accident on the Eastern Counties Railway. An engine driver was killed yesterday near Stratford by the train running off the line. The Quaker Fund. Another large sum has been received for the relief of the starving poor in the west of Ireland. Fire at Liverpool. A warehouse containing cotton was destroyed on Wednesday, and the loss is estimated at many thousand pounds. Ramsgate. The harvest in this neighbourhood is nearly all got in, and the crops are excellent. Hop Picking commenced in Kent this week; the yield is better than was expected.

Lord John Russell has taken a residence for the season near Edinburgh. Lord Palmerston, Secretary for Foreign Affairs, and the First Lord of the Treasury, have been at Windsor with her Majesty. The Distressed Irish Labourers. A great meeting was held in Dublin at which the distress of the people was considered, and a petition to her Majesty was adopted. Fatal Accident on the Eastern Counties Railway. An engine driver was killed yesterday near Stratford by the train running off the line. The Quaker Fund. Another large sum has been received for the relief of the starving poor in the west of Ireland. Fire at Liverpool. A warehouse containing cotton was destroyed on Wednesday, and the loss is estimated at many thousand pounds. Ramsgate. The harvest in this neighbourhood is nearly all got in, and the crops are excellent. Hop Picking commenced in Kent this week; the yield is better than was expected.

the accident only about two hours. An inquest was held at the Three Tuns Inn, before W. Hastings, Esq., and a verdict of "Accidental Death" returned. The Ocean. The depth of the ocean at the Antarctic has been ascertained to be one mile and sixty-six feet in depth. Harrow Corn Palace. The late fine weather has caused an unprecedented supply of corn, which is of the finest quality. An Adventurer. In the following of last week a young man of good appearance was apprehended on a charge of obtaining goods under false pretences. Incendiarism in Scotland. The following extraordinary statement is from a report just presented. Ancient Burial. A great number of human bones have been discovered in excavating for the foundation of a new church. Sudden Death. On Thursday morning a man was found dead in the street, and at the inquest the jury returned a verdict of death from natural causes. Shocking Accident. A child was burnt to death last week in consequence of its clothes taking fire while its mother was absent. The Weather. The weather during the week has been remarkably fine, and the harvest is progressing rapidly throughout the country. A Coal Pit Explosion happened last week in the county of Durham, by which several men were seriously injured.

the accident only about two hours. An inquest was held at the Three Tuns Inn, before W. Hastings, Esq., and a verdict of "Accidental Death" returned. The Ocean. The depth of the ocean at the Antarctic has been ascertained to be one mile and sixty-six feet in depth. Harrow Corn Palace. The late fine weather has caused an unprecedented supply of corn, which is of the finest quality. An Adventurer. In the following of last week a young man of good appearance was apprehended on a charge of obtaining goods under false pretences. Incendiarism in Scotland. The following extraordinary statement is from a report just presented. Ancient Burial. A great number of human bones have been discovered in excavating for the foundation of a new church. Sudden Death. On Thursday morning a man was found dead in the street, and at the inquest the jury returned a verdict of death from natural causes. Shocking Accident. A child was burnt to death last week in consequence of its clothes taking fire while its mother was absent. The Weather. The weather during the week has been remarkably fine, and the harvest is progressing rapidly throughout the country. A Coal Pit Explosion happened last week in the county of Durham, by which several men were seriously injured.

the accident only about two hours. An inquest was held at the Three Tuns Inn, before W. Hastings, Esq., and a verdict of "Accidental Death" returned. The Ocean. The depth of the ocean at the Antarctic has been ascertained to be one mile and sixty-six feet in depth. Harrow Corn Palace. The late fine weather has caused an unprecedented supply of corn, which is of the finest quality. An Adventurer. In the following of last week a young man of good appearance was apprehended on a charge of obtaining goods under false pretences. Incendiarism in Scotland. The following extraordinary statement is from a report just presented. Ancient Burial. A great number of human bones have been discovered in excavating for the foundation of a new church. Sudden Death. On Thursday morning a man was found dead in the street, and at the inquest the jury returned a verdict of death from natural causes. Shocking Accident. A child was burnt to death last week in consequence of its clothes taking fire while its mother was absent. The Weather. The weather during the week has been remarkably fine, and the harvest is progressing rapidly throughout the country. A Coal Pit Explosion happened last week in the county of Durham, by which several men were seriously injured.

the accident only about two hours. An inquest was held at the Three Tuns Inn, before W. Hastings, Esq., and a verdict of "Accidental Death" returned. The Ocean. The depth of the ocean at the Antarctic has been ascertained to be one mile and sixty-six feet in depth. Harrow Corn Palace. The late fine weather has caused an unprecedented supply of corn, which is of the finest quality. An Adventurer. In the following of last week a young man of good appearance was apprehended on a charge of obtaining goods under false pretences. Incendiarism in Scotland. The following extraordinary statement is from a report just presented. Ancient Burial. A great number of human bones have been discovered in excavating for the foundation of a new church. Sudden Death. On Thursday morning a man was found dead in the street, and at the inquest the jury returned a verdict of death from natural causes. Shocking Accident. A child was burnt to death last week in consequence of its clothes taking fire while its mother was absent. The Weather. The weather during the week has been remarkably fine, and the harvest is progressing rapidly throughout the country. A Coal Pit Explosion happened last week in the county of Durham, by which several men were seriously injured.

the accident only about two hours. An inquest was held at the Three Tuns Inn, before W. Hastings, Esq., and a verdict of "Accidental Death" returned. The Ocean. The depth of the ocean at the Antarctic has been ascertained to be one mile and sixty-six feet in depth. Harrow Corn Palace. The late fine weather has caused an unprecedented supply of corn, which is of the finest quality. An Adventurer. In the following of last week a young man of good appearance was apprehended on a charge of obtaining goods under false pretences. Incendiarism in Scotland. The following extraordinary statement is from a report just presented. Ancient Burial. A great number of human bones have been discovered in excavating for the foundation of a new church. Sudden Death. On Thursday morning a man was found dead in the street, and at the inquest the jury returned a verdict of death from natural causes. Shocking Accident. A child was burnt to death last week in consequence of its clothes taking fire while its mother was absent. The Weather. The weather during the week has been remarkably fine, and the harvest is progressing rapidly throughout the country. A Coal Pit Explosion happened last week in the county of Durham, by which several men were seriously injured.

the accident only about two hours. An inquest was held at the Three Tuns Inn, before W. Hastings, Esq., and a verdict of "Accidental Death" returned. The Ocean. The depth of the ocean at the Antarctic has been ascertained to be one mile and sixty-six feet in depth. Harrow Corn Palace. The late fine weather has caused an unprecedented supply of corn, which is of the finest quality. An Adventurer. In the following of last week a young man of good appearance was apprehended on a charge of obtaining goods under false pretences. Incendiarism in Scotland. The following extraordinary statement is from a report just presented. Ancient Burial. A great number of human bones have been discovered in excavating for the foundation of a new church. Sudden Death. On Thursday morning a man was found dead in the street, and at the inquest the jury returned a verdict of death from natural causes. Shocking Accident. A child was burnt to death last week in consequence of its clothes taking fire while its mother was absent. The Weather. The weather during the week has been remarkably fine, and the harvest is progressing rapidly throughout the country. A Coal Pit Explosion happened last week in the county of Durham, by which several men were seriously injured.

the accident only about two hours. An inquest was held at the Three Tuns Inn, before W. Hastings, Esq., and a verdict of "Accidental Death" returned. The Ocean. The depth of the ocean at the Antarctic has been ascertained to be one mile and sixty-six feet in depth. Harrow Corn Palace. The late fine weather has caused an unprecedented supply of corn, which is of the finest quality. An Adventurer. In the following of last week a young man of good appearance was apprehended on a charge of obtaining goods under false pretences. Incendiarism in Scotland. The following extraordinary statement is from a report just presented. Ancient Burial. A great number of human bones have been discovered in excavating for the foundation of a new church. Sudden Death. On Thursday morning a man was found dead in the street, and at the inquest the jury returned a verdict of death from natural causes. Shocking Accident. A child was burnt to death last week in consequence of its clothes taking fire while its mother was absent. The Weather. The weather during the week has been remarkably fine, and the harvest is progressing rapidly throughout the country. A Coal Pit Explosion happened last week in the county of Durham, by which several men were seriously injured.

the accident only about two hours. An inquest was held at the Three Tuns Inn, before W. Hastings, Esq., and a verdict of "Accidental Death" returned. The Ocean. The depth of the ocean at the Antarctic has been ascertained to be one mile and sixty-six feet in depth. Harrow Corn Palace. The late fine weather has caused an unprecedented supply of corn, which is of the finest quality. An Adventurer. In the following of last week a young man of good appearance was apprehended on a charge of obtaining goods under false pretences. Incendiarism in Scotland. The following extraordinary statement is from a report just presented. Ancient Burial. A great number of human bones have been discovered in excavating for the foundation of a new church. Sudden Death. On Thursday morning a man was found dead in the street, and at the inquest the jury returned a verdict of death from natural causes. Shocking Accident. A child was burnt to death last week in consequence of its clothes taking fire while its mother was absent. The Weather. The weather during the week has been remarkably fine, and the harvest is progressing rapidly throughout the country. A Coal Pit Explosion happened last week in the county of Durham, by which several men were seriously injured.

the accident only about two hours. An inquest was held at the Three Tuns Inn, before W. Hastings, Esq., and a verdict of "Accidental Death" returned. The Ocean. The depth of the ocean at the Antarctic has been ascertained to be one mile and sixty-six feet in depth. Harrow Corn Palace. The late fine weather has caused an unprecedented supply of corn, which is of the finest quality. An Adventurer. In the following of last week a young man of good appearance was apprehended on a charge of obtaining goods under false pretences. Incendiarism in Scotland. The following extraordinary statement is from a report just presented. Ancient Burial. A great number of human bones have been discovered in excavating for the foundation of a new church. Sudden Death. On Thursday morning a man was found dead in the street, and at the inquest the jury returned a verdict of death from natural causes. Shocking Accident. A child was burnt to death last week in consequence of its clothes taking fire while its mother was absent. The Weather. The weather during the week has been remarkably fine, and the harvest is progressing rapidly throughout the country. A Coal Pit Explosion happened last week in the county of Durham, by which several men were seriously injured.

the accident only about two hours. An inquest was held at the Three Tuns Inn, before W. Hastings, Esq., and a verdict of "Accidental Death" returned. The Ocean. The depth of the ocean at the Antarctic has been ascertained to be one mile and sixty-six feet in depth. Harrow Corn Palace. The late fine weather has caused an unprecedented supply of corn, which is of the finest quality. An Adventurer. In the following of last week a young man of good appearance was apprehended on a charge of obtaining goods under false pretences. Incendiarism in Scotland. The following extraordinary statement is from a report just presented. Ancient Burial. A great number of human bones have been discovered in excavating for the foundation of a new church. Sudden Death. On Thursday morning a man was found dead in the street, and at the inquest the jury returned a verdict of death from natural causes. Shocking Accident. A child was burnt to death last week in consequence of its clothes taking fire while its mother was absent. The Weather. The weather during the week has been remarkably fine, and the harvest is progressing rapidly throughout the country. A Coal Pit Explosion happened last week in the county of Durham, by which several men were seriously injured.

the accident only about two hours. An inquest was held at the Three Tuns Inn, before W. Hastings, Esq., and a verdict of "Accidental Death" returned. The Ocean. The depth of the ocean at the Antarctic has been ascertained to be one mile and sixty-six feet in depth. Harrow Corn Palace. The late fine weather has caused an unprecedented supply of corn, which is of the finest quality. An Adventurer. In the following of last week a young man of good appearance was apprehended on a charge of obtaining goods under false pretences. Incendiarism in Scotland. The following extraordinary statement is from a report just presented. Ancient Burial. A great number of human bones have been discovered in excavating for the foundation of a new church. Sudden Death. On Thursday morning a man was found dead in the street, and at the inquest the jury returned a verdict of death from natural causes. Shocking Accident. A child was burnt to death last week in consequence of its clothes taking fire while its mother was absent. The Weather. The weather during the week has been remarkably fine, and the harvest is progressing rapidly throughout the country. A Coal Pit Explosion happened last week in the county of Durham, by which several men were seriously injured.
